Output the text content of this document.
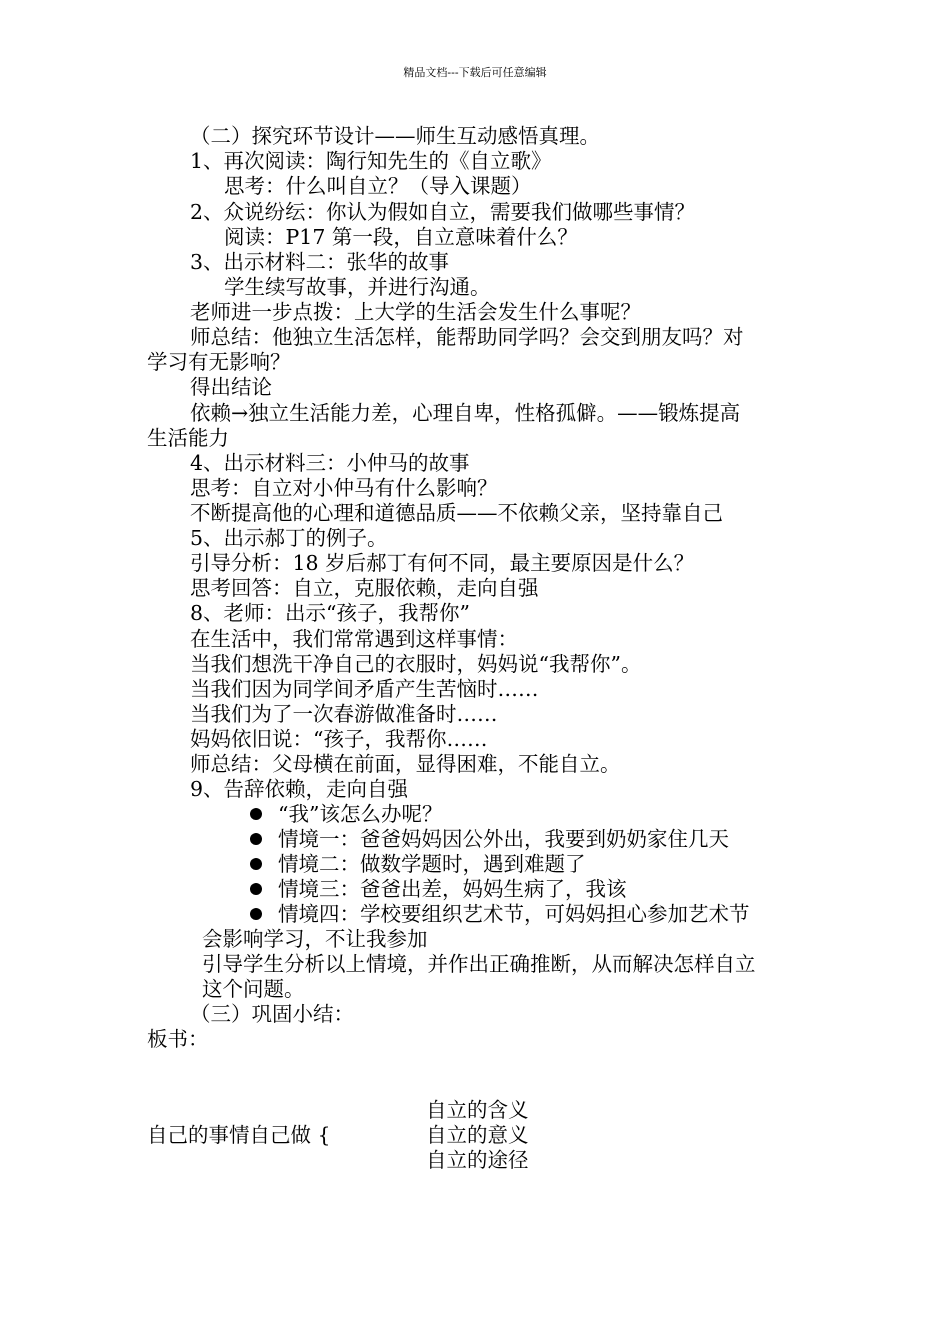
精品文档---下载后可任意编辑
（二）探究环节设计——师生互动感悟真理。
1、再次阅读：陶行知先生的《自立歌》
思考：什么叫自立？（导入课题）
2、众说纷纭：你认为假如自立，需要我们做哪些事情？
阅读：P17 第一段，自立意味着什么？
3、出示材料二：张华的故事
学生续写故事，并进行沟通。
老师进一步点拨：上大学的生活会发生什么事呢？
师总结：他独立生活怎样，能帮助同学吗？会交到朋友吗？对
学习有无影响？
得出结论
依赖→独立生活能力差，心理自卑，性格孤僻。——锻炼提高
生活能力
4、出示材料三：小仲马的故事
思考：自立对小仲马有什么影响？
不断提高他的心理和道德品质——不依赖父亲，坚持靠自己
5、出示郝丁的例子。
引导分析：18 岁后郝丁有何不同，最主要原因是什么？
思考回答：自立，克服依赖，走向自强
8、老师：出示“孩子，我帮你”
在生活中，我们常常遇到这样事情：
当我们想洗干净自己的衣服时，妈妈说“我帮你”。
当我们因为同学间矛盾产生苦恼时……
当我们为了一次春游做准备时……
妈妈依旧说：“孩子，我帮你……
师总结：父母横在前面，显得困难，不能自立。
9、告辞依赖，走向自强
“我”该怎么办呢？
情境一：爸爸妈妈因公外出，我要到奶奶家住几天
情境二：做数学题时，遇到难题了
情境三：爸爸出差，妈妈生病了，我该
情境四：学校要组织艺术节，可妈妈担心参加艺术节
会影响学习，不让我参加
引导学生分析以上情境，并作出正确推断，从而解决怎样自立
这个问题。
（三）巩固小结：
板书：
自己的事情自己做 {
自立的含义
自立的意义
自立的途径
